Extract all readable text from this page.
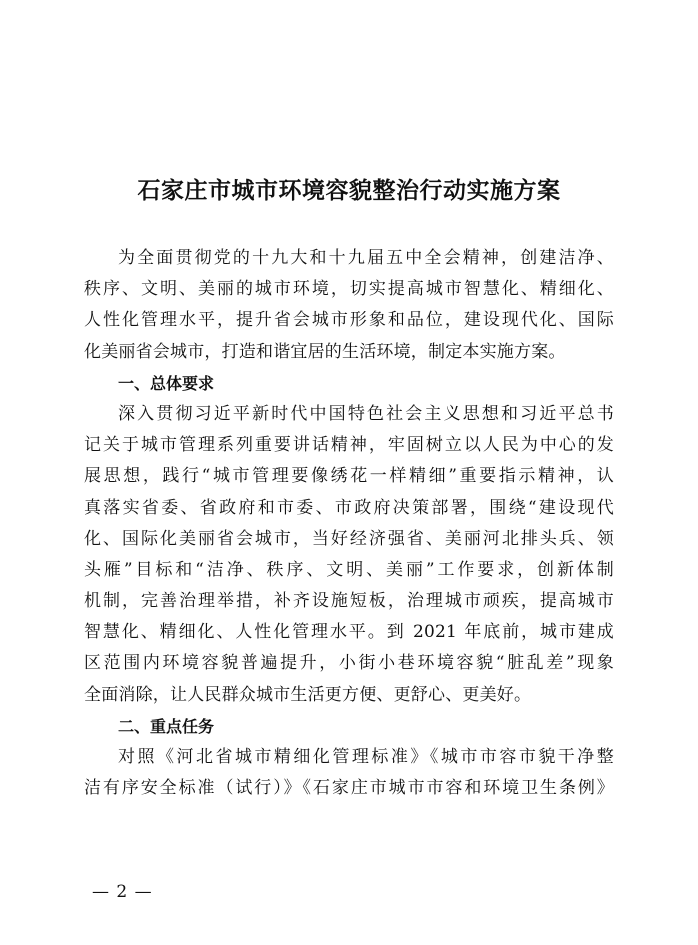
石家庄市城市环境容貌整治行动实施方案
为全面贯彻党的十九大和十九届五中全会精神，创建洁净、
秩序、文明、美丽的城市环境，切实提高城市智慧化、精细化、
人性化管理水平，提升省会城市形象和品位，建设现代化、国际
化美丽省会城市，打造和谐宜居的生活环境，制定本实施方案。
一、总体要求
深入贯彻习近平新时代中国特色社会主义思想和习近平总书
记关于城市管理系列重要讲话精神，牢固树立以人民为中心的发
展思想，践行“城市管理要像绣花一样精细”重要指示精神，认
真落实省委、省政府和市委、市政府决策部署，围绕“建设现代
化、国际化美丽省会城市，当好经济强省、美丽河北排头兵、领
头雁”目标和“洁净、秩序、文明、美丽”工作要求，创新体制
机制，完善治理举措，补齐设施短板，治理城市顽疾，提高城市
智慧化、精细化、人性化管理水平。到 2021 年底前，城市建成
区范围内环境容貌普遍提升，小街小巷环境容貌“脏乱差”现象
全面消除，让人民群众城市生活更方便、更舒心、更美好。
二、重点任务
对照《河北省城市精细化管理标准》《城市市容市貌干净整
洁有序安全标准（试行）》《石家庄市城市市容和环境卫生条例》
— 2 —
